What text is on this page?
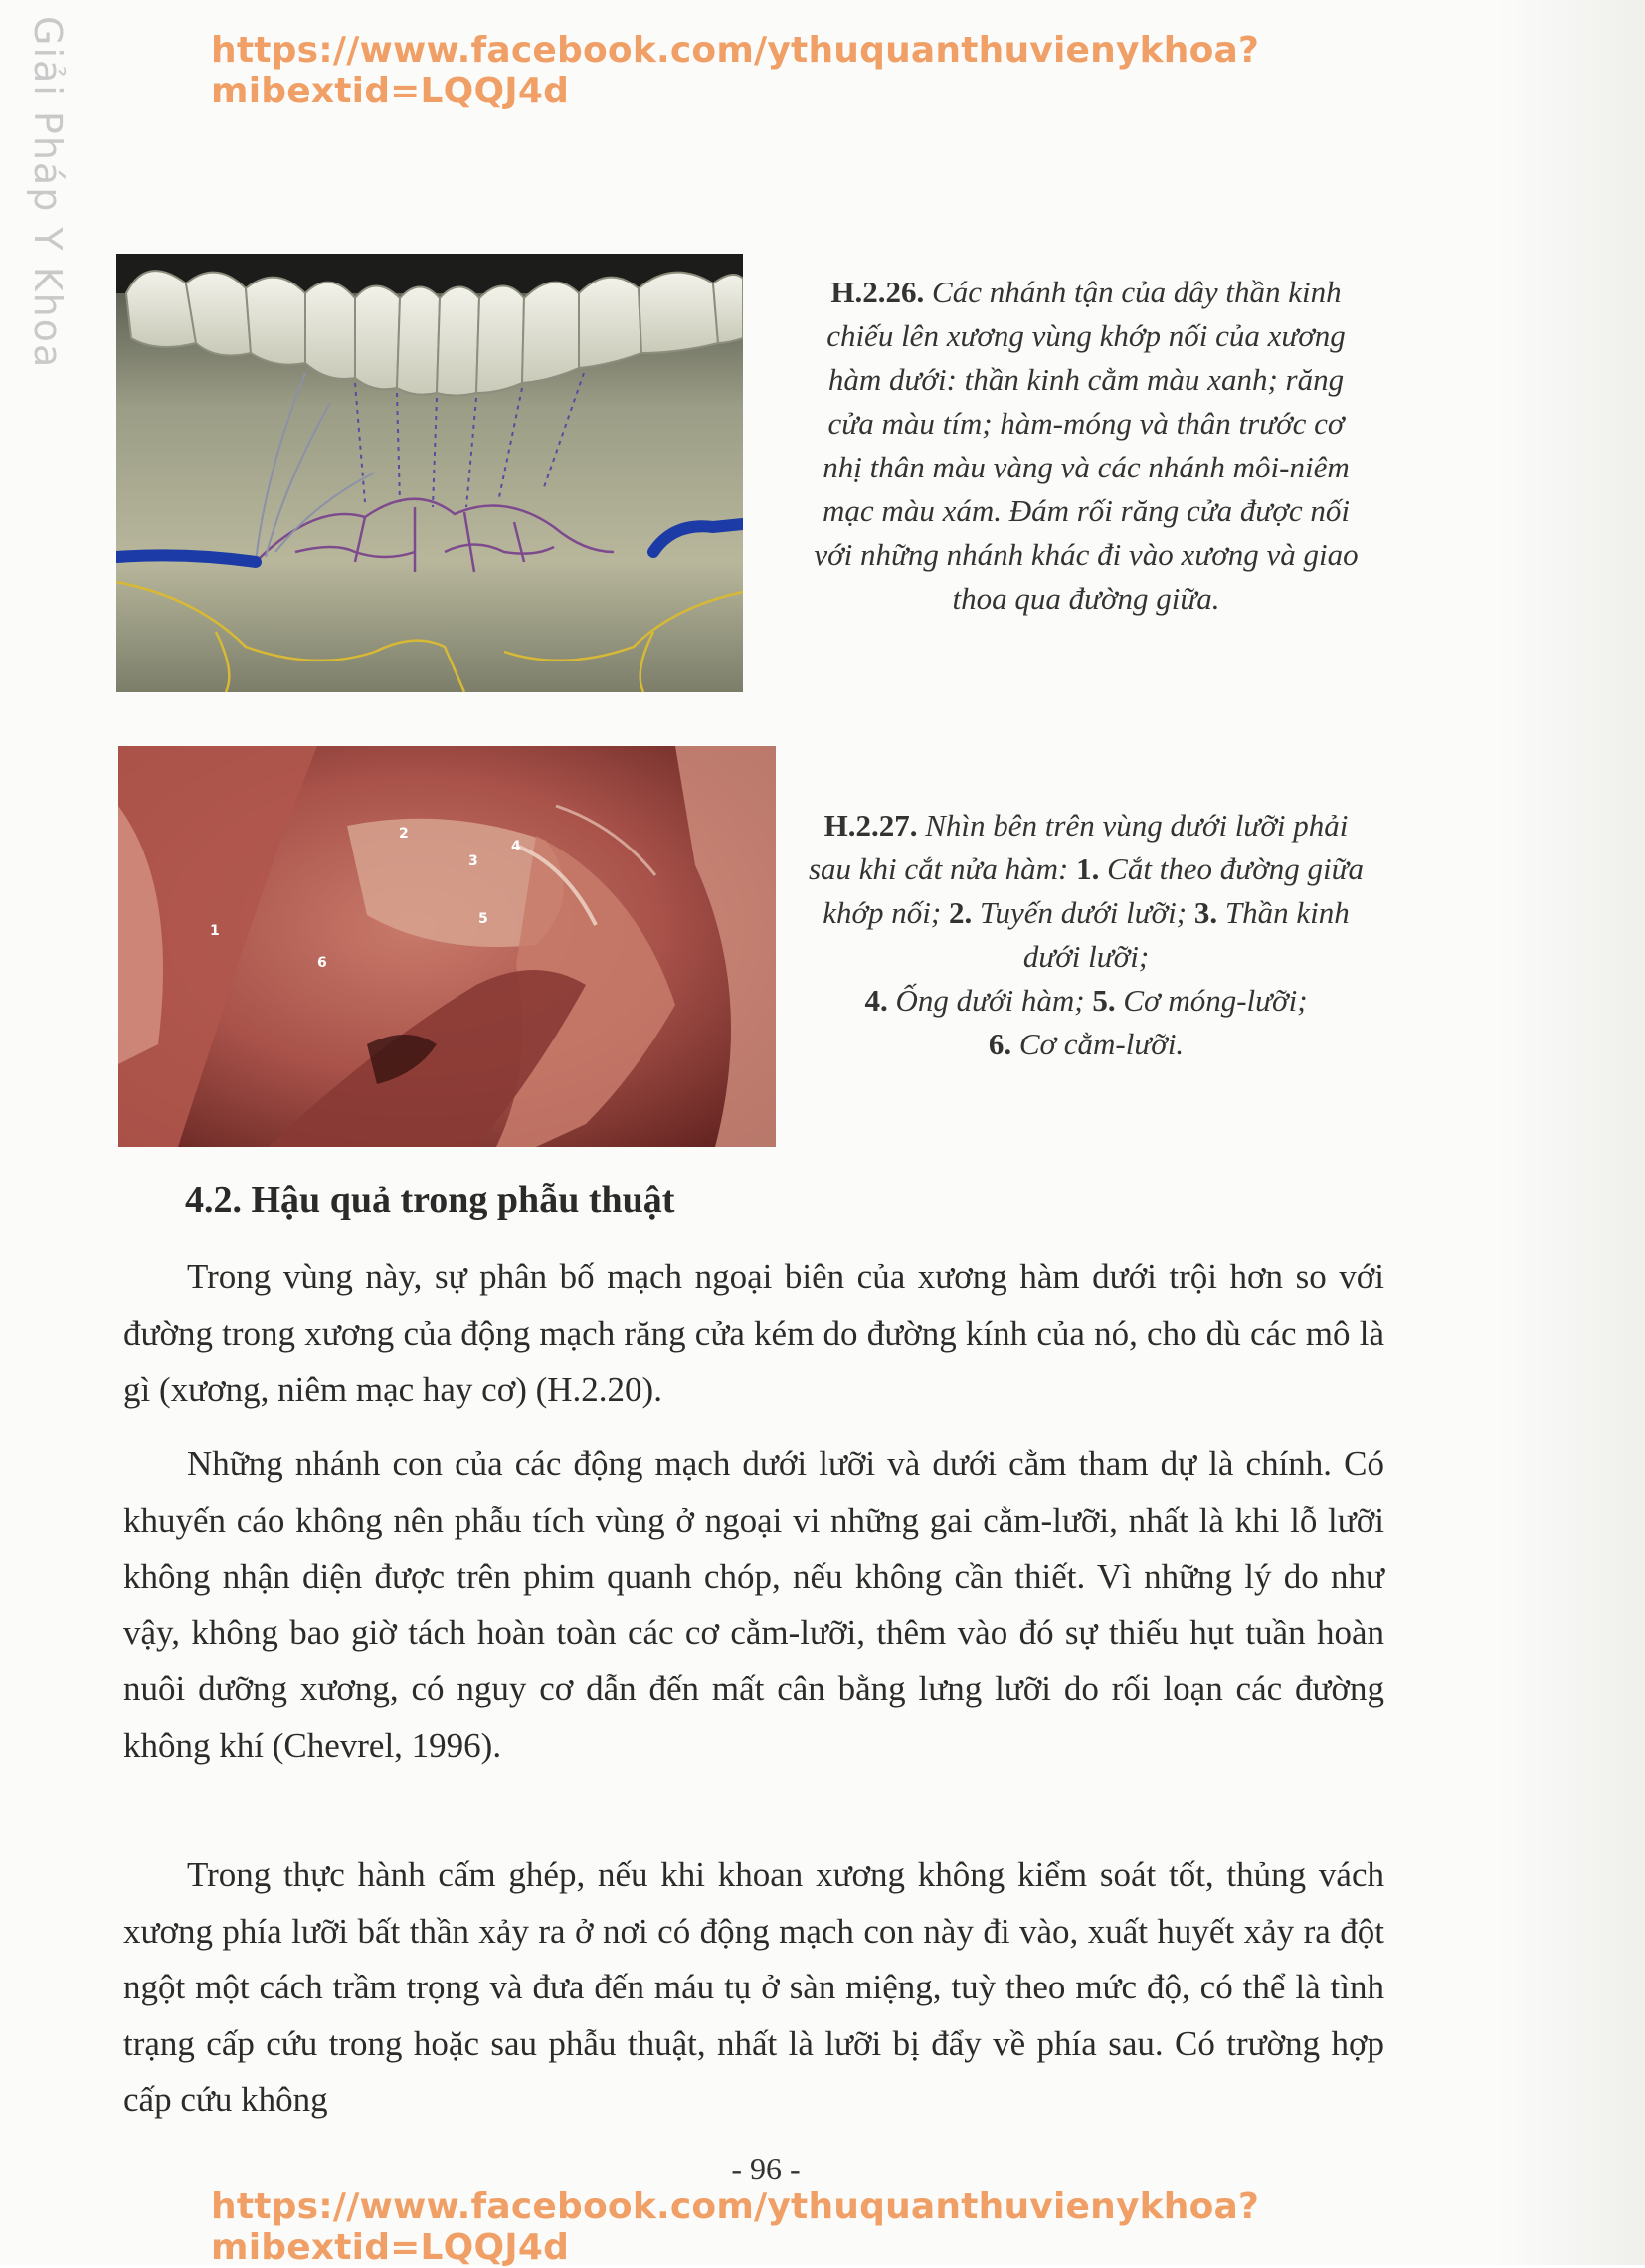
https://www.facebook.com/ythuquanthuvienykhoa?mibextid=LQQJ4d
Giải Pháp Y Khoa	H.2.26. Các nhánh tận của dây thần kinh chiếu lên xương vùng khớp nối của xương hàm dưới: thần kinh cằm màu xanh; răng cửa màu tím; hàm-móng và thân trước cơ nhị thân màu vàng và các nhánh môi-niêm mạc màu xám. Đám rối răng cửa được nối với những nhánh khác đi vào xương và giao thoa qua đường giữa.
1
2
3
4
5
6
H.2.27. Nhìn bên trên vùng dưới lưỡi phải sau khi cắt nửa hàm: 1. Cắt theo đường giữa khớp nối; 2. Tuyến dưới lưỡi; 3. Thần kinh dưới lưỡi;
4. Ống dưới hàm; 5. Cơ móng-lưỡi;
6. Cơ cằm-lưỡi.
4.2. Hậu quả trong phẫu thuật

Trong vùng này, sự phân bố mạch ngoại biên của xương hàm dưới trội hơn so với đường trong xương của động mạch răng cửa kém do đường kính của nó, cho dù các mô là gì (xương, niêm mạc hay cơ) (H.2.20).

Những nhánh con của các động mạch dưới lưỡi và dưới cằm tham dự là chính. Có khuyến cáo không nên phẫu tích vùng ở ngoại vi những gai cằm-lưỡi, nhất là khi lỗ lưỡi không nhận diện được trên phim quanh chóp, nếu không cần thiết. Vì những lý do như vậy, không bao giờ tách hoàn toàn các cơ cằm-lưỡi, thêm vào đó sự thiếu hụt tuần hoàn nuôi dưỡng xương, có nguy cơ dẫn đến mất cân bằng lưng lưỡi do rối loạn các đường không khí (Chevrel, 1996).

Trong thực hành cấm ghép, nếu khi khoan xương không kiểm soát tốt, thủng vách xương phía lưỡi bất thần xảy ra ở nơi có động mạch con này đi vào, xuất huyết xảy ra đột ngột một cách trầm trọng và đưa đến máu tụ ở sàn miệng, tuỳ theo mức độ, có thể là tình trạng cấp cứu trong hoặc sau phẫu thuật, nhất là lưỡi bị đẩy về phía sau. Có trường hợp cấp cứu không

- 96 -
https://www.facebook.com/ythuquanthuvienykhoa?mibextid=LQQJ4d
